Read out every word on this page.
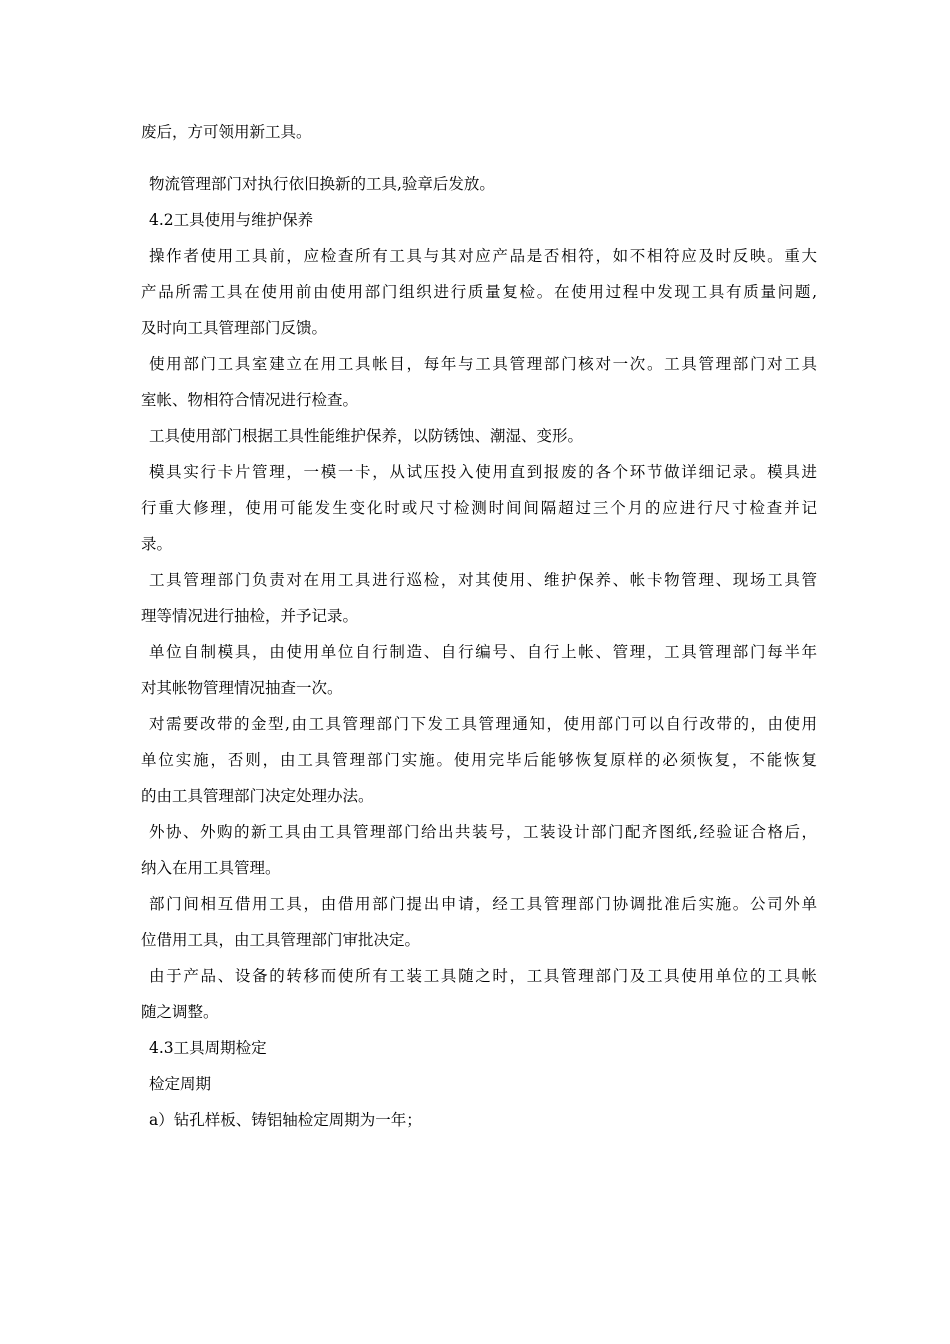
废后，方可领用新工具。
物流管理部门对执行依旧换新的工具,验章后发放。
4.2工具使用与维护保养
操作者使用工具前，应检查所有工具与其对应产品是否相符，如不相符应及时反映。重大
产品所需工具在使用前由使用部门组织进行质量复检。在使用过程中发现工具有质量问题,
及时向工具管理部门反馈。
使用部门工具室建立在用工具帐目，每年与工具管理部门核对一次。工具管理部门对工具
室帐、物相符合情况进行检查。
工具使用部门根据工具性能维护保养，以防锈蚀、潮湿、变形。
模具实行卡片管理，一模一卡，从试压投入使用直到报废的各个环节做详细记录。模具进
行重大修理，使用可能发生变化时或尺寸检测时间间隔超过三个月的应进行尺寸检查并记
录。
工具管理部门负责对在用工具进行巡检，对其使用、维护保养、帐卡物管理、现场工具管
理等情况进行抽检，并予记录。
单位自制模具，由使用单位自行制造、自行编号、自行上帐、管理，工具管理部门每半年
对其帐物管理情况抽查一次。
对需要改带的金型,由工具管理部门下发工具管理通知，使用部门可以自行改带的，由使用
单位实施，否则，由工具管理部门实施。使用完毕后能够恢复原样的必须恢复，不能恢复
的由工具管理部门决定处理办法。
外协、外购的新工具由工具管理部门给出共装号，工装设计部门配齐图纸,经验证合格后，
纳入在用工具管理。
部门间相互借用工具，由借用部门提出申请，经工具管理部门协调批准后实施。公司外单
位借用工具，由工具管理部门审批决定。
由于产品、设备的转移而使所有工装工具随之时，工具管理部门及工具使用单位的工具帐
随之调整。
4.3工具周期检定
检定周期
a）钻孔样板、铸铝轴检定周期为一年；
